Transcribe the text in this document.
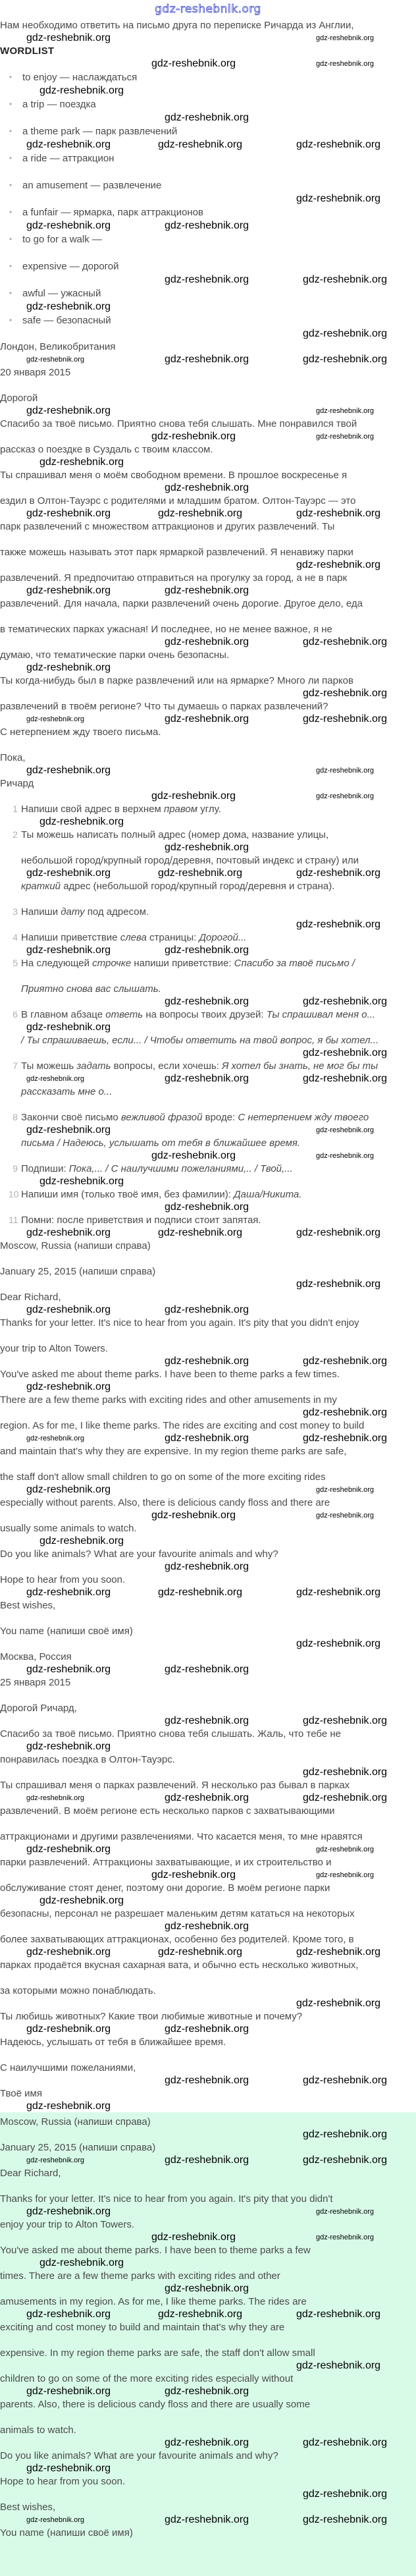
gdz-reshebnik.org
Нам необходимо ответить на письмо друга по переписке Ричарда из Англии,
gdz-reshebnik.org	gdz-reshebnik.org
WORDLIST
gdz-reshebnik.org	gdz-reshebnik.org
• to enjoy — наслаждаться
gdz-reshebnik.org
• a trip — поездка
gdz-reshebnik.org
• a theme park — парк развлечений
gdz-reshebnik.org	gdz-reshebnik.org	gdz-reshebnik.org
• a ride — аттракцион
• an amusement — развлечение
gdz-reshebnik.org
• a funfair — ярмарка, парк аттракционов
gdz-reshebnik.org	gdz-reshebnik.org
• to go for a walk —
• expensive — дорогой
gdz-reshebnik.org	gdz-reshebnik.org
• awful — ужасный
gdz-reshebnik.org
• safe — безопасный
gdz-reshebnik.org
Лондон, Великобритания
gdz-reshebnik.org	gdz-reshebnik.org	gdz-reshebnik.org
20 января 2015
Дорогой
gdz-reshebnik.org	gdz-reshebnik.org
Спасибо за твоё письмо. Приятно снова тебя слышать. Мне понравился твой
gdz-reshebnik.org	gdz-reshebnik.org
рассказ о поездке в Суздаль с твоим классом.
gdz-reshebnik.org
Ты спрашивал меня о моём свободном времени. В прошлое воскресенье я
gdz-reshebnik.org
ездил в Олтон-Тауэрс с родителями и младшим братом. Олтон-Тауэрс — это
gdz-reshebnik.org	gdz-reshebnik.org	gdz-reshebnik.org
парк развлечений с множеством аттракционов и других развлечений. Ты
также можешь называть этот парк ярмаркой развлечений. Я ненавижу парки
gdz-reshebnik.org
развлечений. Я предпочитаю отправиться на прогулку за город, а не в парк
gdz-reshebnik.org	gdz-reshebnik.org
развлечений. Для начала, парки развлечений очень дорогие. Другое дело, еда
в тематических парках ужасная! И последнее, но не менее важное, я не
gdz-reshebnik.org	gdz-reshebnik.org
думаю, что тематические парки очень безопасны.
gdz-reshebnik.org
Ты когда-нибудь был в парке развлечений или на ярмарке? Много ли парков
gdz-reshebnik.org
развлечений в твоём регионе? Что ты думаешь о парках развлечений?
gdz-reshebnik.org	gdz-reshebnik.org	gdz-reshebnik.org
С нетерпением жду твоего письма.
Пока,
gdz-reshebnik.org	gdz-reshebnik.org
Ричард
gdz-reshebnik.org	gdz-reshebnik.org
1 Напиши свой адрес в верхнем правом углу.
gdz-reshebnik.org
2 Ты можешь написать полный адрес (номер дома, название улицы,
gdz-reshebnik.org
небольшой город/крупный город/деревня, почтовый индекс и страну) или
gdz-reshebnik.org	gdz-reshebnik.org	gdz-reshebnik.org
краткий адрес (небольшой город/крупный город/деревня и страна).
3 Напиши дату под адресом.
gdz-reshebnik.org
4 Напиши приветствие слева страницы: Дорогой...
gdz-reshebnik.org	gdz-reshebnik.org
5 На следующей строчке напиши приветствие: Спасибо за твоё письмо /
Приятно снова вас слышать.
gdz-reshebnik.org	gdz-reshebnik.org
6 В главном абзаце ответь на вопросы твоих друзей: Ты спрашивал меня о...
gdz-reshebnik.org
/ Ты спрашиваешь, если... / Чтобы ответить на твой вопрос, я бы хотел...
gdz-reshebnik.org
7 Ты можешь задать вопросы, если хочешь: Я хотел бы знать, не мог бы ты
gdz-reshebnik.org	gdz-reshebnik.org	gdz-reshebnik.org
рассказать мне о...
8 Закончи своё письмо вежливой фразой вроде: С нетерпением жду твоего
gdz-reshebnik.org	gdz-reshebnik.org
письма / Надеюсь, услышать от тебя в ближайшее время.
gdz-reshebnik.org	gdz-reshebnik.org
9 Подпиши: Пока,... / С наилучшими пожеланиями,.. / Твой,...
gdz-reshebnik.org
10 Напиши имя (только твоё имя, без фамилии): Даша/Никита.
gdz-reshebnik.org
11 Помни: после приветствия и подписи стоит запятая.
gdz-reshebnik.org	gdz-reshebnik.org	gdz-reshebnik.org
Moscow, Russia (напиши справа)
January 25, 2015 (напиши справа)
gdz-reshebnik.org
Dear Richard,
gdz-reshebnik.org	gdz-reshebnik.org
Thanks for your letter. It's nice to hear from you again. It's pity that you didn't enjoy
your trip to Alton Towers.
gdz-reshebnik.org	gdz-reshebnik.org
You've asked me about theme parks. I have been to theme parks a few times.
gdz-reshebnik.org
There are a few theme parks with exciting rides and other amusements in my
gdz-reshebnik.org
region. As for me, I like theme parks. The rides are exciting and cost money to build
gdz-reshebnik.org	gdz-reshebnik.org	gdz-reshebnik.org
and maintain that's why they are expensive. In my region theme parks are safe,
the staff don't allow small children to go on some of the more exciting rides
gdz-reshebnik.org	gdz-reshebnik.org
especially without parents. Also, there is delicious candy floss and there are
gdz-reshebnik.org	gdz-reshebnik.org
usually some animals to watch.
gdz-reshebnik.org
Do you like animals? What are your favourite animals and why?
gdz-reshebnik.org
Hope to hear from you soon.
gdz-reshebnik.org	gdz-reshebnik.org	gdz-reshebnik.org
Best wishes,
You name (напиши своё имя)
gdz-reshebnik.org
Москва, Россия
gdz-reshebnik.org	gdz-reshebnik.org
25 января 2015
Дорогой Ричард,
gdz-reshebnik.org	gdz-reshebnik.org
Спасибо за твоё письмо. Приятно снова тебя слышать. Жаль, что тебе не
gdz-reshebnik.org
понравилась поездка в Олтон-Тауэрс.
gdz-reshebnik.org
Ты спрашивал меня о парках развлечений. Я несколько раз бывал в парках
gdz-reshebnik.org	gdz-reshebnik.org	gdz-reshebnik.org
развлечений. В моём регионе есть несколько парков с захватывающими
аттракционами и другими развлечениями. Что касается меня, то мне нравятся
gdz-reshebnik.org	gdz-reshebnik.org
парки развлечений. Аттракционы захватывающие, и их строительство и
gdz-reshebnik.org	gdz-reshebnik.org
обслуживание стоят денег, поэтому они дорогие. В моём регионе парки
gdz-reshebnik.org
безопасны, персонал не разрешает маленьким детям кататься на некоторых
gdz-reshebnik.org
более захватывающих аттракционах, особенно без родителей. Кроме того, в
gdz-reshebnik.org	gdz-reshebnik.org	gdz-reshebnik.org
парках продаётся вкусная сахарная вата, и обычно есть несколько животных,
за которыми можно понаблюдать.
gdz-reshebnik.org
Ты любишь животных? Какие твои любимые животные и почему?
gdz-reshebnik.org	gdz-reshebnik.org
Надеюсь, услышать от тебя в ближайшее время.
С наилучшими пожеланиями,
gdz-reshebnik.org	gdz-reshebnik.org
Твоё имя
gdz-reshebnik.org
Moscow, Russia (напиши справа)
gdz-reshebnik.org
January 25, 2015 (напиши справа)
gdz-reshebnik.org	gdz-reshebnik.org	gdz-reshebnik.org
Dear Richard,
Thanks for your letter. It's nice to hear from you again. It's pity that you didn't
gdz-reshebnik.org	gdz-reshebnik.org
enjoy your trip to Alton Towers.
gdz-reshebnik.org	gdz-reshebnik.org
You've asked me about theme parks. I have been to theme parks a few
gdz-reshebnik.org
times. There are a few theme parks with exciting rides and other
gdz-reshebnik.org
amusements in my region. As for me, I like theme parks. The rides are
gdz-reshebnik.org	gdz-reshebnik.org	gdz-reshebnik.org
exciting and cost money to build and maintain that's why they are
expensive. In my region theme parks are safe, the staff don't allow small
gdz-reshebnik.org
children to go on some of the more exciting rides especially without
gdz-reshebnik.org	gdz-reshebnik.org
parents. Also, there is delicious candy floss and there are usually some
animals to watch.
gdz-reshebnik.org	gdz-reshebnik.org
Do you like animals? What are your favourite animals and why?
gdz-reshebnik.org
Hope to hear from you soon.
gdz-reshebnik.org
Best wishes,
gdz-reshebnik.org	gdz-reshebnik.org	gdz-reshebnik.org
You name (напиши своё имя)
